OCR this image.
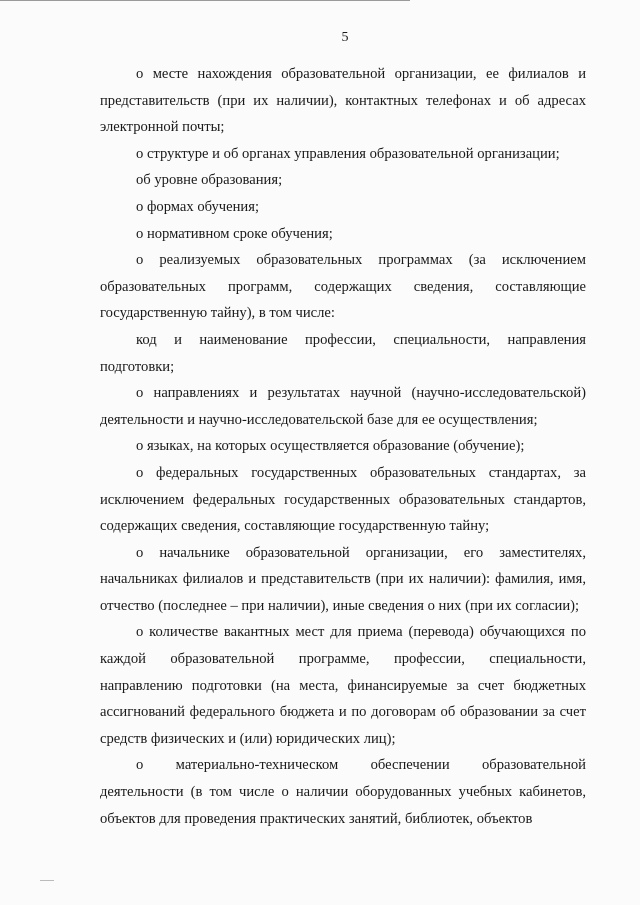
5

о месте нахождения образовательной организации, ее филиалов и представительств (при их наличии), контактных телефонах и об адресах электронной почты;

о структуре и об органах управления образовательной организации;

об уровне образования;

о формах обучения;

о нормативном сроке обучения;

о реализуемых образовательных программах (за исключением образовательных программ, содержащих сведения, составляющие государственную тайну), в том числе:

код и наименование профессии, специальности, направления подготовки;

о направлениях и результатах научной (научно-исследовательской) деятельности и научно-исследовательской базе для ее осуществления;

о языках, на которых осуществляется образование (обучение);

о федеральных государственных образовательных стандартах, за исключением федеральных государственных образовательных стандартов, содержащих сведения, составляющие государственную тайну;

о начальнике образовательной организации, его заместителях, начальниках филиалов и представительств (при их наличии): фамилия, имя, отчество (последнее – при наличии), иные сведения о них (при их согласии);

о количестве вакантных мест для приема (перевода) обучающихся по каждой образовательной программе, профессии, специальности, направлению подготовки (на места, финансируемые за счет бюджетных ассигнований федерального бюджета и по договорам об образовании за счет средств физических и (или) юридических лиц);

о материально-техническом обеспечении образовательной деятельности (в том числе о наличии оборудованных учебных кабинетов, объектов для проведения практических занятий, библиотек, объектов
